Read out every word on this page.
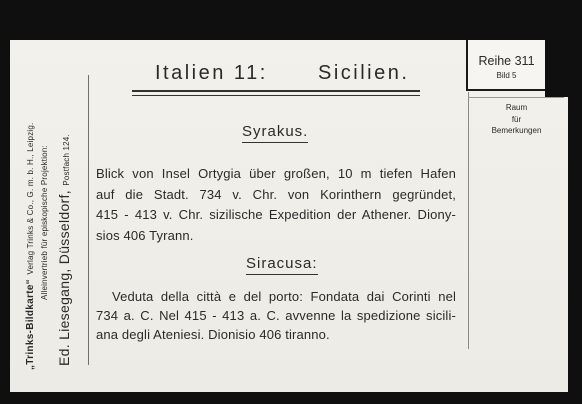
„Trinks-Bildkarte“ Verlag Trinks & Co., G. m. b. H., Leipzig. Alleinvertrieb für episkopische Projektion: Ed. Liesegang, Düsseldorf, Postfach 124.
Italien 11:	Sicilien.
Reihe 311
Bild 5
Raum
für
Bemerkungen
Syrakus.
Blick von Insel Ortygia über großen, 10 m tiefen Hafen
auf die Stadt. 734 v. Chr. von Korinthern gegründet,
415 - 413 v. Chr. sizilische Expedition der Athener. Diony-
sios 406 Tyrann.
Siracusa:
Veduta della città e del porto: Fondata dai Corinti nel
734 a. C. Nel 415 - 413 a. C. avvenne la spedizione sicili-
ana degli Ateniesi. Dionisio 406 tiranno.
